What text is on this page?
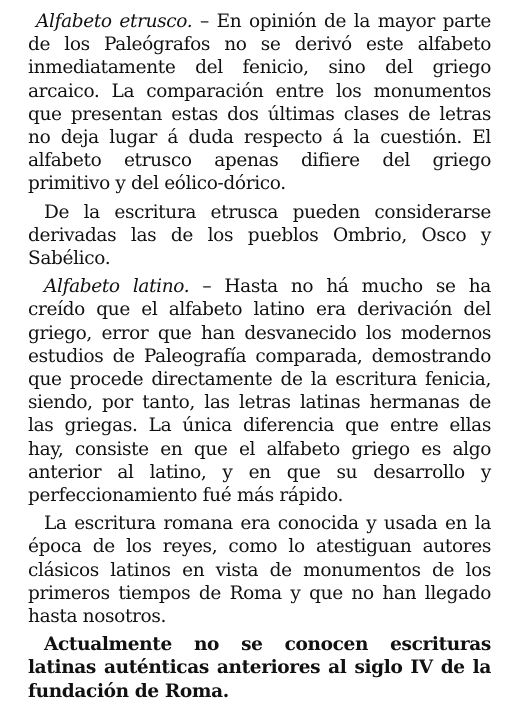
Alfabeto etrusco. – En opinión de la mayor parte de los Paleógrafos no se derivó este alfabeto inmediatamente del fenicio, sino del griego arcaico. La comparación entre los monumentos que presentan estas dos últimas clases de letras no deja lugar á duda respecto á la cuestión. El alfabeto etrusco apenas difiere del griego primitivo y del eólico-dórico.

De la escritura etrusca pueden considerarse derivadas las de los pueblos Ombrio, Osco y Sabélico.

Alfabeto latino. – Hasta no há mucho se ha creído que el alfabeto latino era derivación del griego, error que han desvanecido los modernos estudios de Paleografía comparada, demostrando que procede directamente de la escritura fenicia, siendo, por tanto, las letras latinas hermanas de las griegas. La única diferencia que entre ellas hay, consiste en que el alfabeto griego es algo anterior al latino, y en que su desarrollo y perfeccionamiento fué más rápido.

La escritura romana era conocida y usada en la época de los reyes, como lo atestiguan autores clásicos latinos en vista de monumentos de los primeros tiempos de Roma y que no han llegado hasta nosotros.

Actualmente no se conocen escrituras latinas auténticas anteriores al siglo IV de la fundación de Roma.
